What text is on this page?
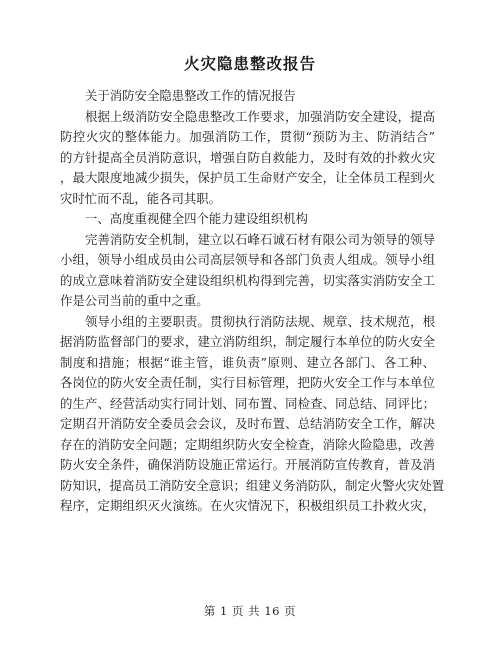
火灾隐患整改报告
关于消防安全隐患整改工作的情况报告
根据上级消防安全隐患整改工作要求，加强消防安全建设，提高
防控火灾的整体能力。加强消防工作，贯彻“预防为主、防消结合”
的方针提高全员消防意识，增强自防自救能力，及时有效的扑救火灾
，最大限度地减少损失，保护员工生命财产安全，让全体员工程到火
灾时忙而不乱，能各司其职。
一、高度重视健全四个能力建设组织机构
完善消防安全机制，建立以石峰石诚石材有限公司为领导的领导
小组，领导小组成员由公司高层领导和各部门负责人组成。领导小组
的成立意味着消防安全建设组织机构得到完善，切实落实消防安全工
作是公司当前的重中之重。
领导小组的主要职责。贯彻执行消防法规、规章、技术规范，根
据消防监督部门的要求，建立消防组织，制定履行本单位的防火安全
制度和措施；根据“谁主管，谁负责”原则、建立各部门、各工种、
各岗位的防火安全责任制，实行目标管理，把防火安全工作与本单位
的生产、经营活动实行同计划、同布置、同检查、同总结、同评比；
定期召开消防安全委员会会议，及时布置、总结消防安全工作，解决
存在的消防安全问题；定期组织防火安全检查，消除火险隐患，改善
防火安全条件，确保消防设施正常运行。开展消防宣传教育，普及消
防知识，提高员工消防安全意识；组建义务消防队，制定火警火灾处置
程序，定期组织灭火演练。在火灾情况下，积极组织员工扑救火灾，
第 1 页 共 16 页
